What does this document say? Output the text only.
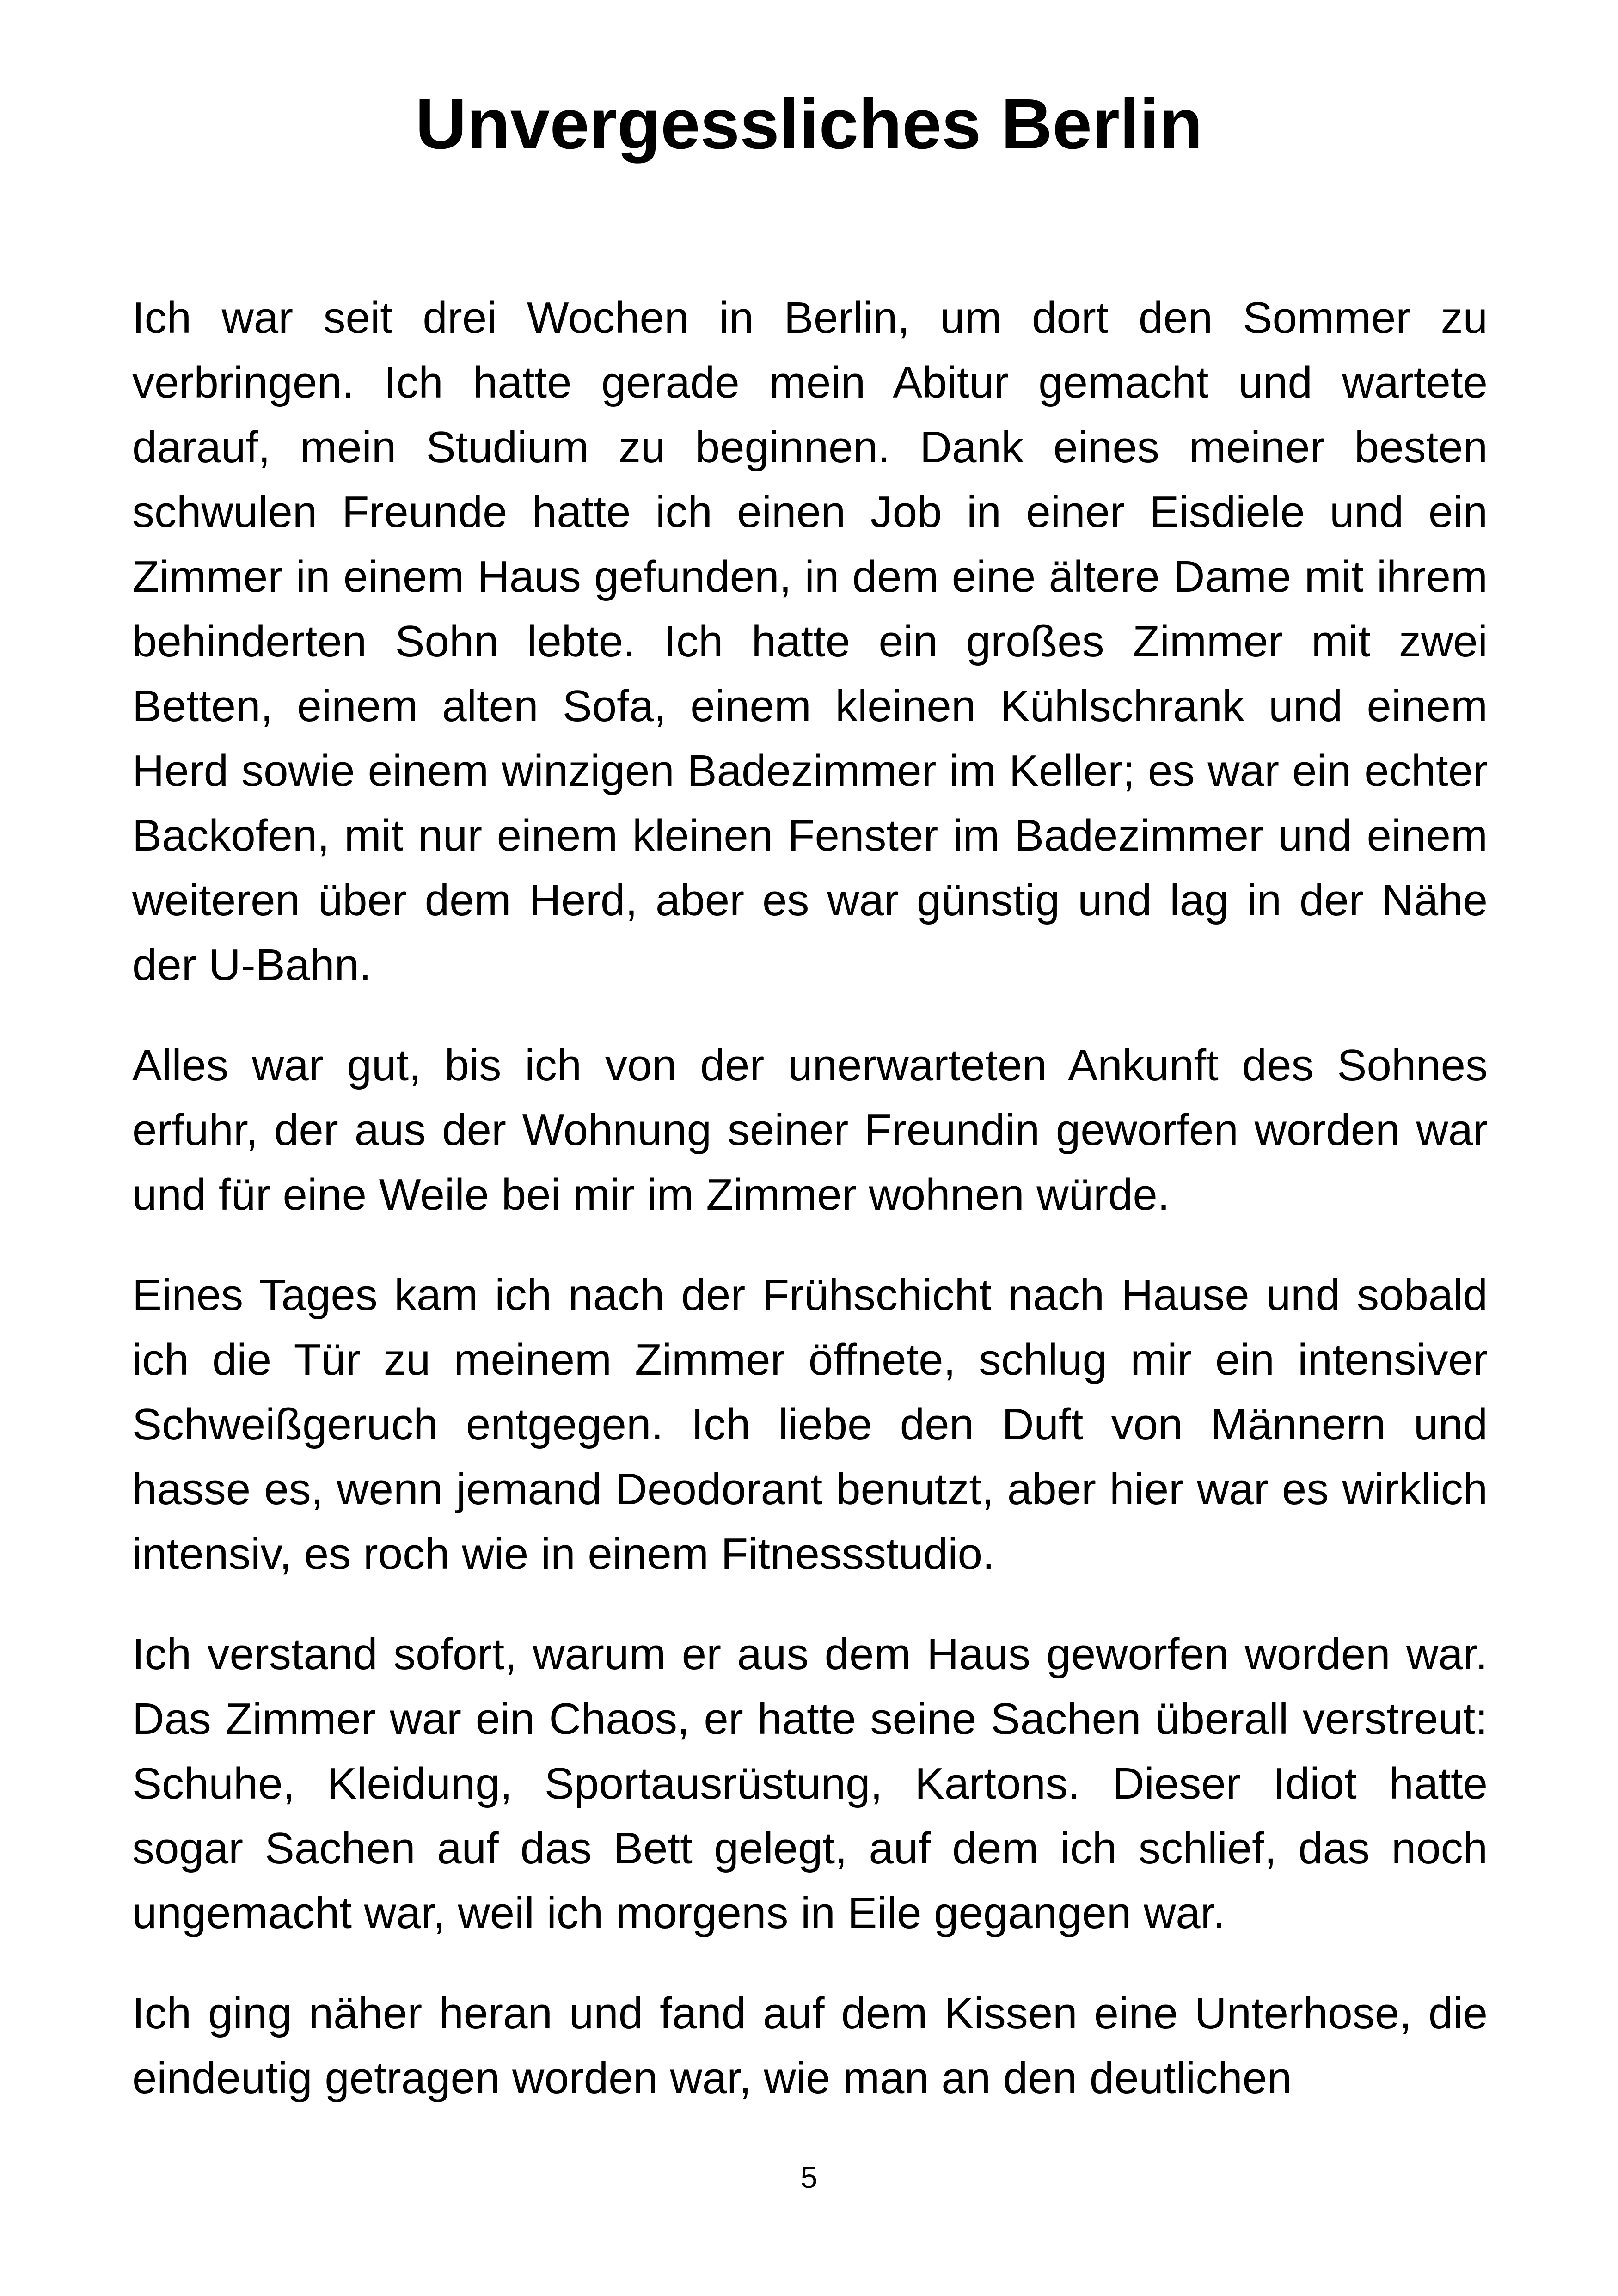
Unvergessliches Berlin

Ich war seit drei Wochen in Berlin, um dort den Sommer zu verbringen. Ich hatte gerade mein Abitur gemacht und wartete darauf, mein Studium zu beginnen. Dank eines meiner besten schwulen Freunde hatte ich einen Job in einer Eisdiele und ein Zimmer in einem Haus gefunden, in dem eine ältere Dame mit ihrem behinderten Sohn lebte. Ich hatte ein großes Zimmer mit zwei Betten, einem alten Sofa, einem kleinen Kühlschrank und einem Herd sowie einem winzigen Badezimmer im Keller; es war ein echter Backofen, mit nur einem kleinen Fenster im Badezimmer und einem weiteren über dem Herd, aber es war günstig und lag in der Nähe der U-Bahn.

Alles war gut, bis ich von der unerwarteten Ankunft des Sohnes erfuhr, der aus der Wohnung seiner Freundin geworfen worden war und für eine Weile bei mir im Zimmer wohnen würde.

Eines Tages kam ich nach der Frühschicht nach Hause und sobald ich die Tür zu meinem Zimmer öffnete, schlug mir ein intensiver Schweißgeruch entgegen. Ich liebe den Duft von Männern und hasse es, wenn jemand Deodorant benutzt, aber hier war es wirklich intensiv, es roch wie in einem Fitnessstudio.

Ich verstand sofort, warum er aus dem Haus geworfen worden war. Das Zimmer war ein Chaos, er hatte seine Sachen überall verstreut: Schuhe, Kleidung, Sportausrüstung, Kartons. Dieser Idiot hatte sogar Sachen auf das Bett gelegt, auf dem ich schlief, das noch ungemacht war, weil ich morgens in Eile gegangen war.

Ich ging näher heran und fand auf dem Kissen eine Unterhose, die eindeutig getragen worden war, wie man an den deutlichen

5
